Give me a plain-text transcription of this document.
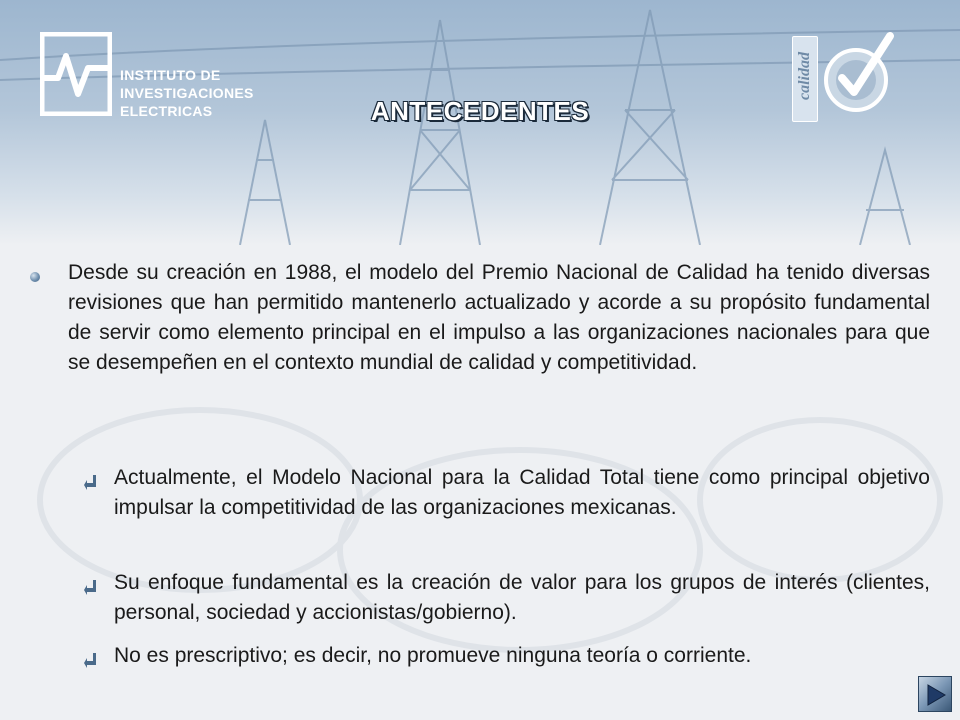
INSTITUTO DE
INVESTIGACIONES
ELECTRICAS
calidad
ANTECEDENTES
Desde su creación en 1988, el modelo del Premio Nacional de Calidad ha tenido diversas revisiones que han permitido mantenerlo actualizado y acorde a su propósito fundamental de servir como elemento principal en el impulso a las organizaciones nacionales para que se desempeñen en el contexto mundial de calidad y competitividad.
Actualmente, el Modelo Nacional para la Calidad Total tiene como principal objetivo impulsar la competitividad de las organizaciones mexicanas.
Su enfoque fundamental es la creación de valor para los grupos de interés (clientes, personal, sociedad y accionistas/gobierno).
No es prescriptivo; es decir, no promueve ninguna teoría o corriente.
